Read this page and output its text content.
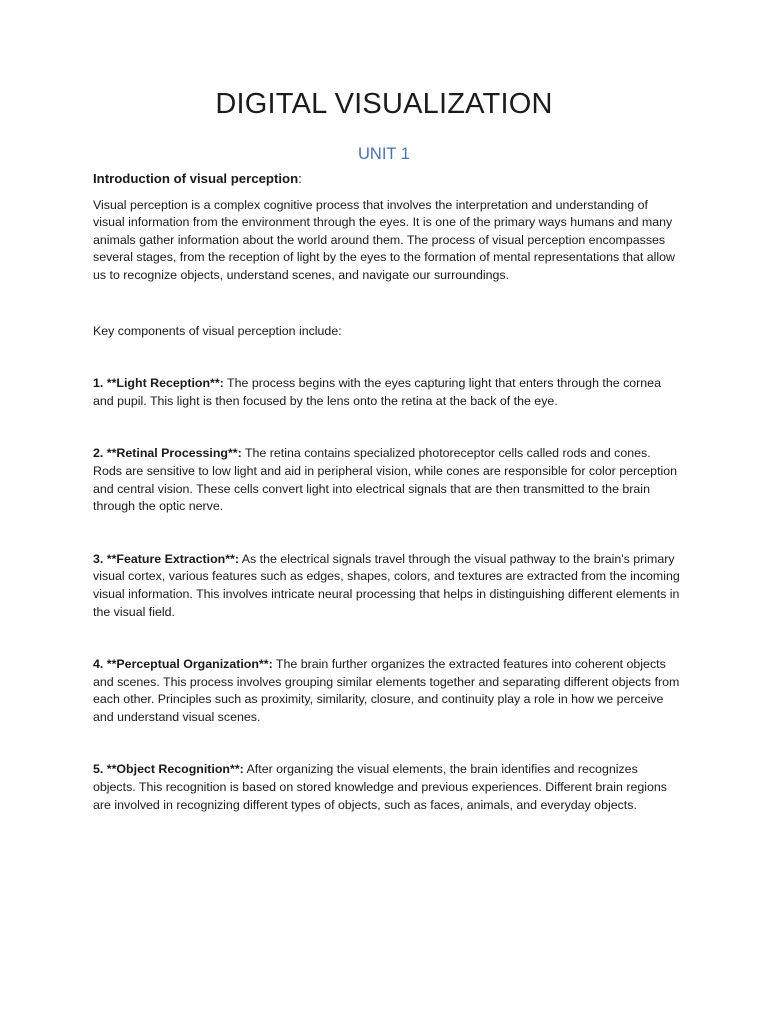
DIGITAL VISUALIZATION
UNIT 1

Introduction of visual perception:

Visual perception is a complex cognitive process that involves the interpretation and understanding of visual information from the environment through the eyes. It is one of the primary ways humans and many animals gather information about the world around them. The process of visual perception encompasses several stages, from the reception of light by the eyes to the formation of mental representations that allow us to recognize objects, understand scenes, and navigate our surroundings.

Key components of visual perception include:

1. **Light Reception**: The process begins with the eyes capturing light that enters through the cornea and pupil. This light is then focused by the lens onto the retina at the back of the eye.

2. **Retinal Processing**: The retina contains specialized photoreceptor cells called rods and cones. Rods are sensitive to low light and aid in peripheral vision, while cones are responsible for color perception and central vision. These cells convert light into electrical signals that are then transmitted to the brain through the optic nerve.

3. **Feature Extraction**: As the electrical signals travel through the visual pathway to the brain's primary visual cortex, various features such as edges, shapes, colors, and textures are extracted from the incoming visual information. This involves intricate neural processing that helps in distinguishing different elements in the visual field.

4. **Perceptual Organization**: The brain further organizes the extracted features into coherent objects and scenes. This process involves grouping similar elements together and separating different objects from each other. Principles such as proximity, similarity, closure, and continuity play a role in how we perceive and understand visual scenes.

5. **Object Recognition**: After organizing the visual elements, the brain identifies and recognizes objects. This recognition is based on stored knowledge and previous experiences. Different brain regions are involved in recognizing different types of objects, such as faces, animals, and everyday objects.
